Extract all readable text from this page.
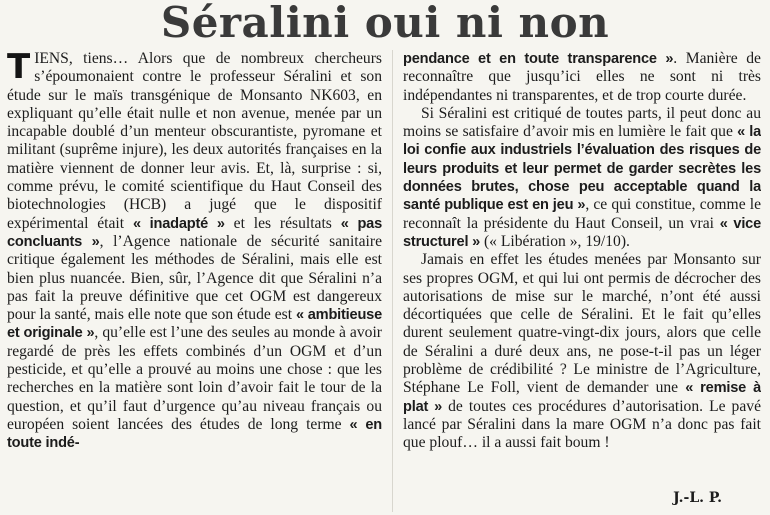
Séralini oui ni non

TIENS, tiens… Alors que de nombreux chercheurs s’époumonaient contre le professeur Séralini et son étude sur le maïs transgénique de Monsanto NK603, en expliquant qu’elle était nulle et non avenue, menée par un incapable doublé d’un menteur obscurantiste, pyromane et militant (suprême injure), les deux autorités françaises en la matière viennent de donner leur avis. Et, là, surprise : si, comme prévu, le comité scientifique du Haut Conseil des biotechnologies (HCB) a jugé que le dispositif expérimental était « inadapté » et les résultats « pas concluants », l’Agence nationale de sécurité sanitaire critique également les méthodes de Séralini, mais elle est bien plus nuancée. Bien, sûr, l’Agence dit que Séralini n’a pas fait la preuve définitive que cet OGM est dangereux pour la santé, mais elle note que son étude est « ambitieuse et originale », qu’elle est l’une des seules au monde à avoir regardé de près les effets combinés d’un OGM et d’un pesticide, et qu’elle a prouvé au moins une chose : que les recherches en la matière sont loin d’avoir fait le tour de la question, et qu’il faut d’urgence qu’au niveau français ou européen soient lancées des études de long terme « en toute indé-

pendance et en toute transparence ». Manière de reconnaître que jusqu’ici elles ne sont ni très indépendantes ni transparentes, et de trop courte durée.

Si Séralini est critiqué de toutes parts, il peut donc au moins se satisfaire d’avoir mis en lumière le fait que « la loi confie aux industriels l’évaluation des risques de leurs produits et leur permet de garder secrètes les données brutes, chose peu acceptable quand la santé publique est en jeu », ce qui constitue, comme le reconnaît la présidente du Haut Conseil, un vrai « vice structurel » (« Libération », 19/10).

Jamais en effet les études menées par Monsanto sur ses propres OGM, et qui lui ont permis de décrocher des autorisations de mise sur le marché, n’ont été aussi décortiquées que celle de Séralini. Et le fait qu’elles durent seulement quatre-vingt-dix jours, alors que celle de Séralini a duré deux ans, ne pose-t-il pas un léger problème de crédibilité ? Le ministre de l’Agriculture, Stéphane Le Foll, vient de demander une « remise à plat » de toutes ces procédures d’autorisation. Le pavé lancé par Séralini dans la mare OGM n’a donc pas fait que plouf… il a aussi fait boum !

J.-L. P.
